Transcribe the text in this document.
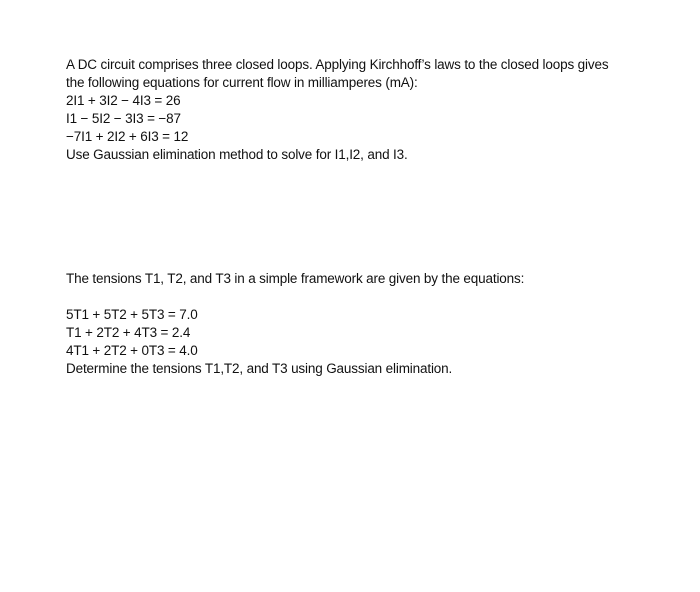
A DC circuit comprises three closed loops. Applying Kirchhoff’s laws to the closed loops gives
the following equations for current flow in milliamperes (mA):
2I1 + 3I2 − 4I3 = 26
I1 − 5I2 − 3I3 = −87
−7I1 + 2I2 + 6I3 = 12
Use Gaussian elimination method to solve for I1,I2, and I3.
The tensions T1, T2, and T3 in a simple framework are given by the equations:
5T1 + 5T2 + 5T3 = 7.0
T1 + 2T2 + 4T3 = 2.4
4T1 + 2T2 + 0T3 = 4.0
Determine the tensions T1,T2, and T3 using Gaussian elimination.
